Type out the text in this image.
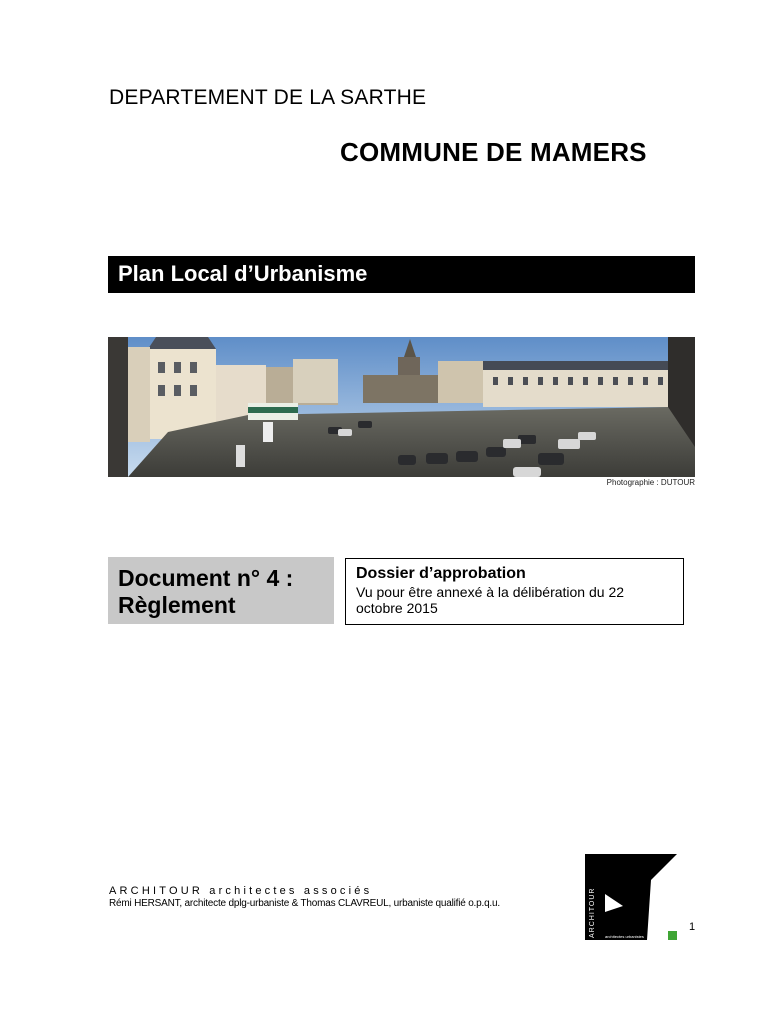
DEPARTEMENT DE LA SARTHE
COMMUNE DE MAMERS
Plan Local d’Urbanisme
Photographie : DUTOUR
Document n° 4 :
Règlement
Dossier d’approbation
Vu pour être annexé à la délibération du 22 octobre 2015
ARCHITOUR architectes associés
Rémi HERSANT, architecte dplg-urbaniste & Thomas CLAVREUL, urbaniste qualifié o.p.q.u.	ARCHITOUR architectes urbanistes
1
